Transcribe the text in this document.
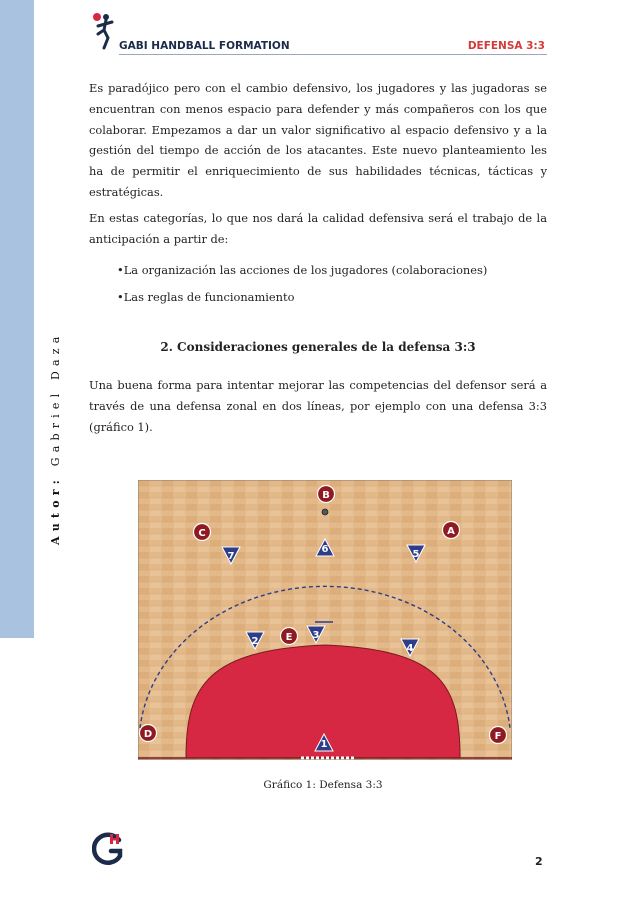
Autor: Gabriel Daza
GABI HANDBALL FORMATION	DEFENSA 3:3
Es paradójico pero con el cambio defensivo, los jugadores y las jugadoras se encuentran con menos espacio para defender y más compañeros con los que colaborar. Empezamos a dar un valor significativo al espacio defensivo y a la gestión del tiempo de acción de los atacantes. Este nuevo planteamiento les ha de permitir el enriquecimiento de sus habilidades técnicas, tácticas y estratégicas.
En estas categorías, lo que nos dará la calidad defensiva será el trabajo de la anticipación a partir de:
•La organización las acciones de los jugadores (colaboraciones)
•Las reglas de funcionamiento
2. Consideraciones generales de la defensa 3:3
Una buena forma para intentar mejorar las competencias del defensor será a través de una defensa zonal en dos líneas, por ejemplo con una defensa 3:3 (gráfico 1).
B
C	A
E
D	F
7
6	5
2
3
4
1
Gráfico 1: Defensa 3:3
2
